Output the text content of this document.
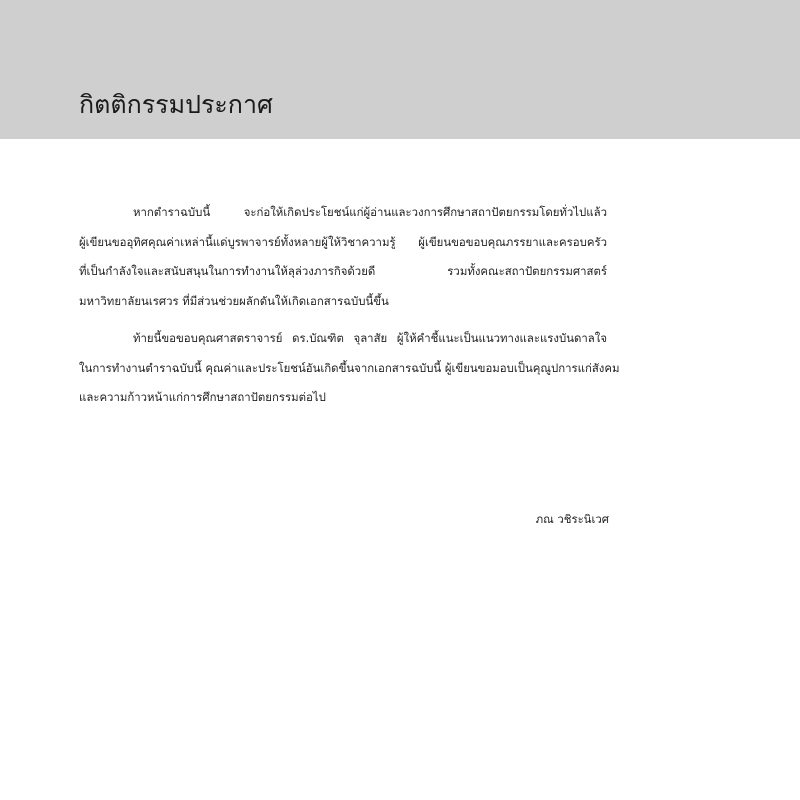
กิตติกรรมประกาศ

หากตำราฉบับนี้ จะก่อให้เกิดประโยชน์แก่ผู้อ่านและวงการศึกษาสถาปัตยกรรมโดยทั่วไปแล้ว
ผู้เขียนขออุทิศคุณค่าเหล่านี้แด่บูรพาจารย์ทั้งหลายผู้ให้วิชาความรู้ ผู้เขียนขอขอบคุณภรรยาและครอบครัว
ที่เป็นกำลังใจและสนับสนุนในการทำงานให้ลุล่วงภารกิจด้วยดี รวมทั้งคณะสถาปัตยกรรมศาสตร์
มหาวิทยาลัยนเรศวร ที่มีส่วนช่วยผลักดันให้เกิดเอกสารฉบับนี้ขึ้น

ท้ายนี้ขอขอบคุณศาสตราจารย์ ดร.บัณฑิต จุลาสัย ผู้ให้คำชี้แนะเป็นแนวทางและแรงบันดาลใจ
ในการทำงานตำราฉบับนี้ คุณค่าและประโยชน์อันเกิดขึ้นจากเอกสารฉบับนี้ ผู้เขียนขอมอบเป็นคุณูปการแก่สังคม
และความก้าวหน้าแก่การศึกษาสถาปัตยกรรมต่อไป

ภณ วชิระนิเวศ
